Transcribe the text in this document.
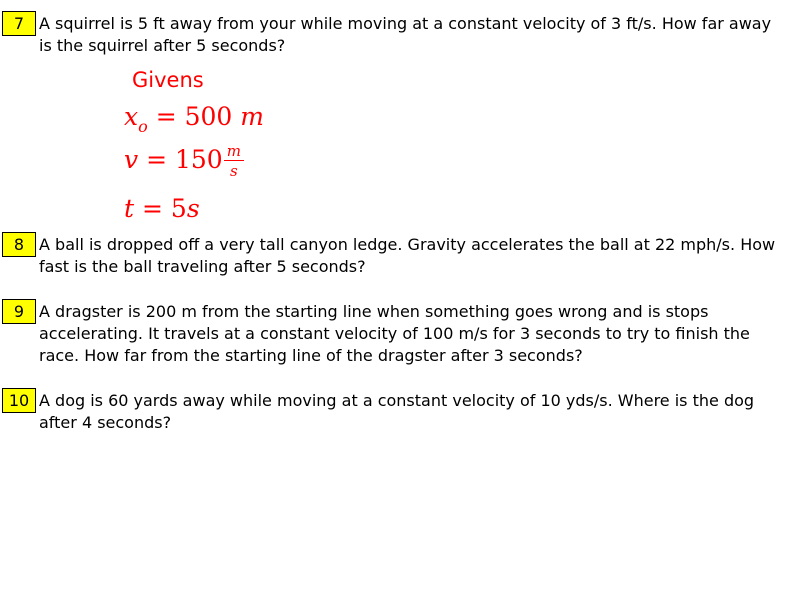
7 A squirrel is 5 ft away from your while moving at a constant velocity of 3 ft/s. How far away is the squirrel after 5 seconds?

Givens
$x_o = 500$ m
$v = 150 \frac{m}{s}$
t = 5s
8 A ball is dropped off a very tall canyon ledge. Gravity accelerates the ball at 22 mph/s. How fast is the ball traveling after 5 seconds?

9 A dragster is 200 m from the starting line when something goes wrong and is stops accelerating. It travels at a constant velocity of 100 m/s for 3 seconds to try to finish the race. How far from the starting line of the dragster after 3 seconds?

10 A dog is 60 yards away while moving at a constant velocity of 10 yds/s. Where is the dog after 4 seconds?
